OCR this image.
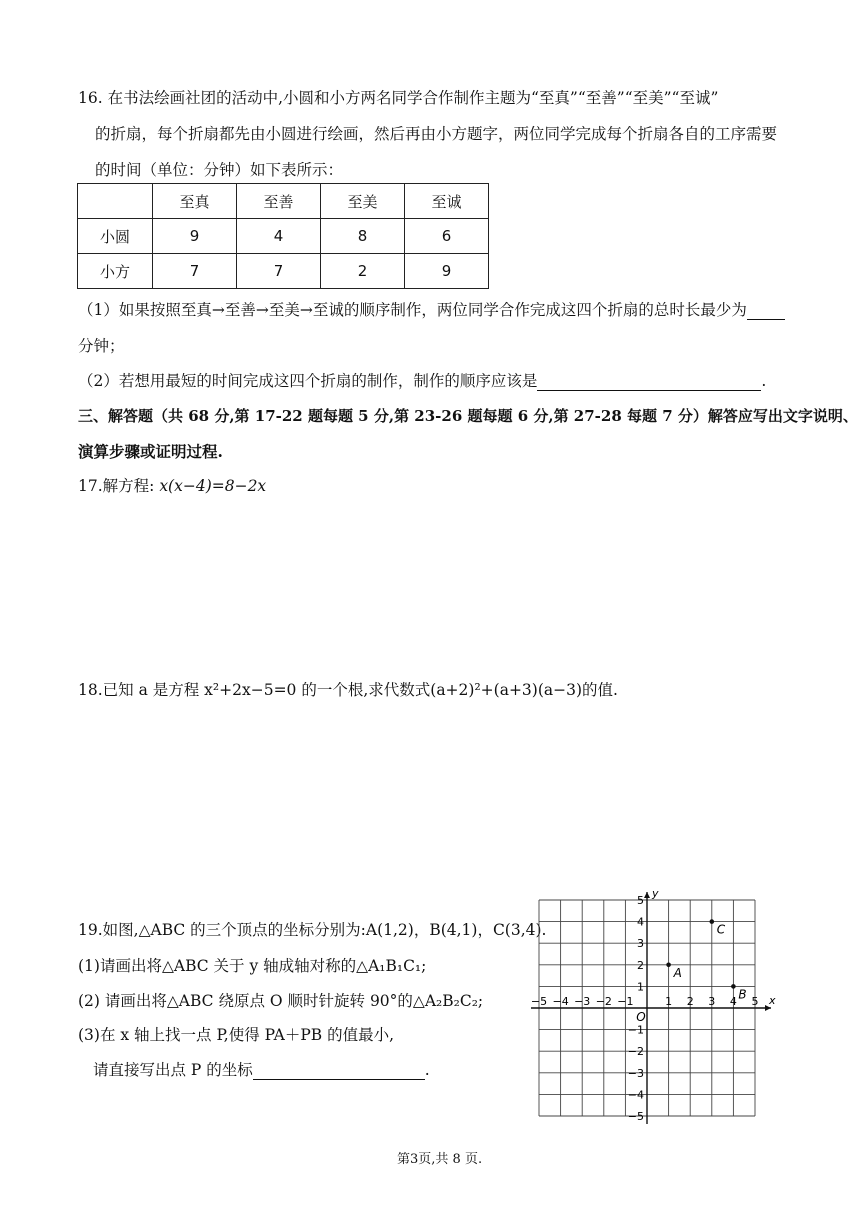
16. 在书法绘画社团的活动中,小圆和小方两名同学合作制作主题为“至真”“至善”“至美”“至诚”
的折扇，每个折扇都先由小圆进行绘画，然后再由小方题字，两位同学完成每个折扇各自的工序需要
的时间（单位：分钟）如下表所示：
	至真	至善	至美	至诚
小圆	9	4	8	6
小方	7	7	2	9
（1）如果按照至真→至善→至美→至诚的顺序制作，两位同学合作完成这四个折扇的总时长最少为
分钟；
（2）若想用最短的时间完成这四个折扇的制作，制作的顺序应该是	.
三、解答题（共 68 分,第 17-22 题每题 5 分,第 23-26 题每题 6 分,第 27-28 每题 7 分）解答应写出文字说明、
演算步骤或证明过程.
17.解方程: x(x−4)=8−2x
18.已知 a 是方程 x²+2x−5=0 的一个根,求代数式(a+2)²+(a+3)(a−3)的值.
19.如图,△ABC 的三个顶点的坐标分别为:A(1,2)，B(4,1)，C(3,4).
(1)请画出将△ABC 关于 y 轴成轴对称的△A₁B₁C₁;
(2) 请画出将△ABC 绕原点 O 顺时针旋转 90°的△A₂B₂C₂;
(3)在 x 轴上找一点 P,使得 PA＋PB 的值最小,
请直接写出点 P 的坐标	.
x
y
O
−5 −4 −3 −2 −1	1 2 3 4 5
5
4
3
2
1
−1
−2
−3
−4
−5
A
B
C
第3页,共 8 页.
